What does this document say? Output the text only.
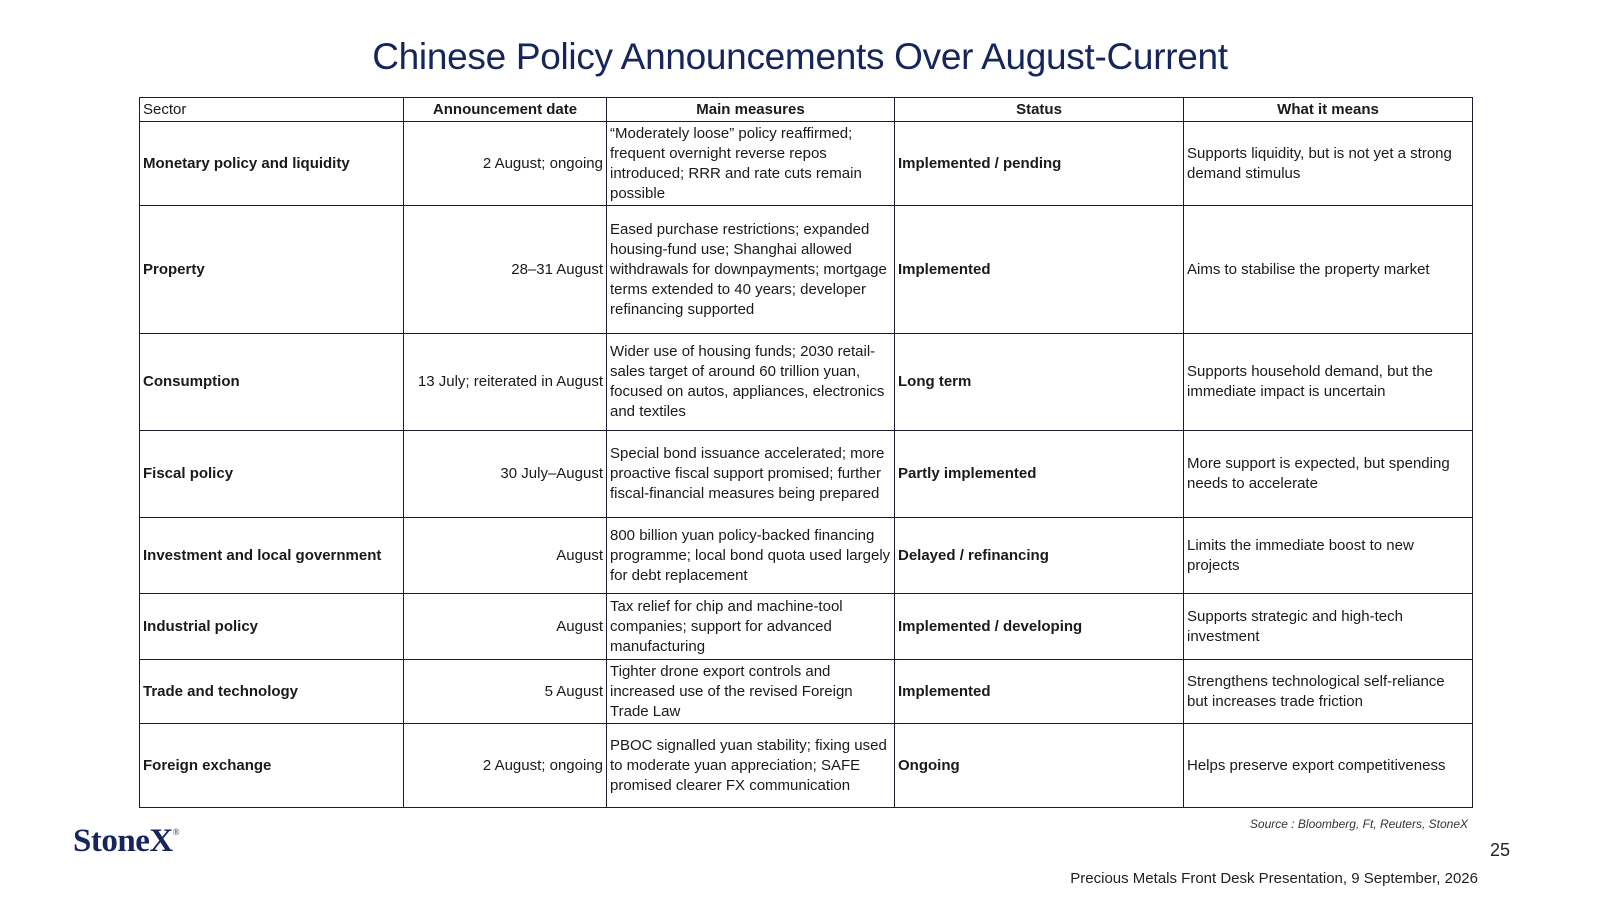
Chinese Policy Announcements Over August-Current
Sector	Announcement date	Main measures	Status	What it means
Monetary policy and liquidity	2 August; ongoing	“Moderately loose” policy reaffirmed; frequent overnight reverse repos introduced; RRR and rate cuts remain possible	Implemented / pending	Supports liquidity, but is not yet a strong demand stimulus
Property	28–31 August	Eased purchase restrictions; expanded housing-fund use; Shanghai allowed withdrawals for downpayments; mortgage terms extended to 40 years; developer refinancing supported	Implemented	Aims to stabilise the property market
Consumption	13 July; reiterated in August	Wider use of housing funds; 2030 retail-sales target of around 60 trillion yuan, focused on autos, appliances, electronics and textiles	Long term	Supports household demand, but the immediate impact is uncertain
Fiscal policy	30 July–August	Special bond issuance accelerated; more proactive fiscal support promised; further fiscal-financial measures being prepared	Partly implemented	More support is expected, but spending needs to accelerate
Investment and local government	August	800 billion yuan policy-backed financing programme; local bond quota used largely for debt replacement	Delayed / refinancing	Limits the immediate boost to new projects
Industrial policy	August	Tax relief for chip and machine-tool companies; support for advanced manufacturing	Implemented / developing	Supports strategic and high-tech investment
Trade and technology	5 August	Tighter drone export controls and increased use of the revised Foreign Trade Law	Implemented	Strengthens technological self-reliance but increases trade friction
Foreign exchange	2 August; ongoing	PBOC signalled yuan stability; fixing used to moderate yuan appreciation; SAFE promised clearer FX communication	Ongoing	Helps preserve export competitiveness
Source : Bloomberg, Ft, Reuters, StoneX
StoneX®
25
Precious Metals Front Desk Presentation, 9 September, 2026
